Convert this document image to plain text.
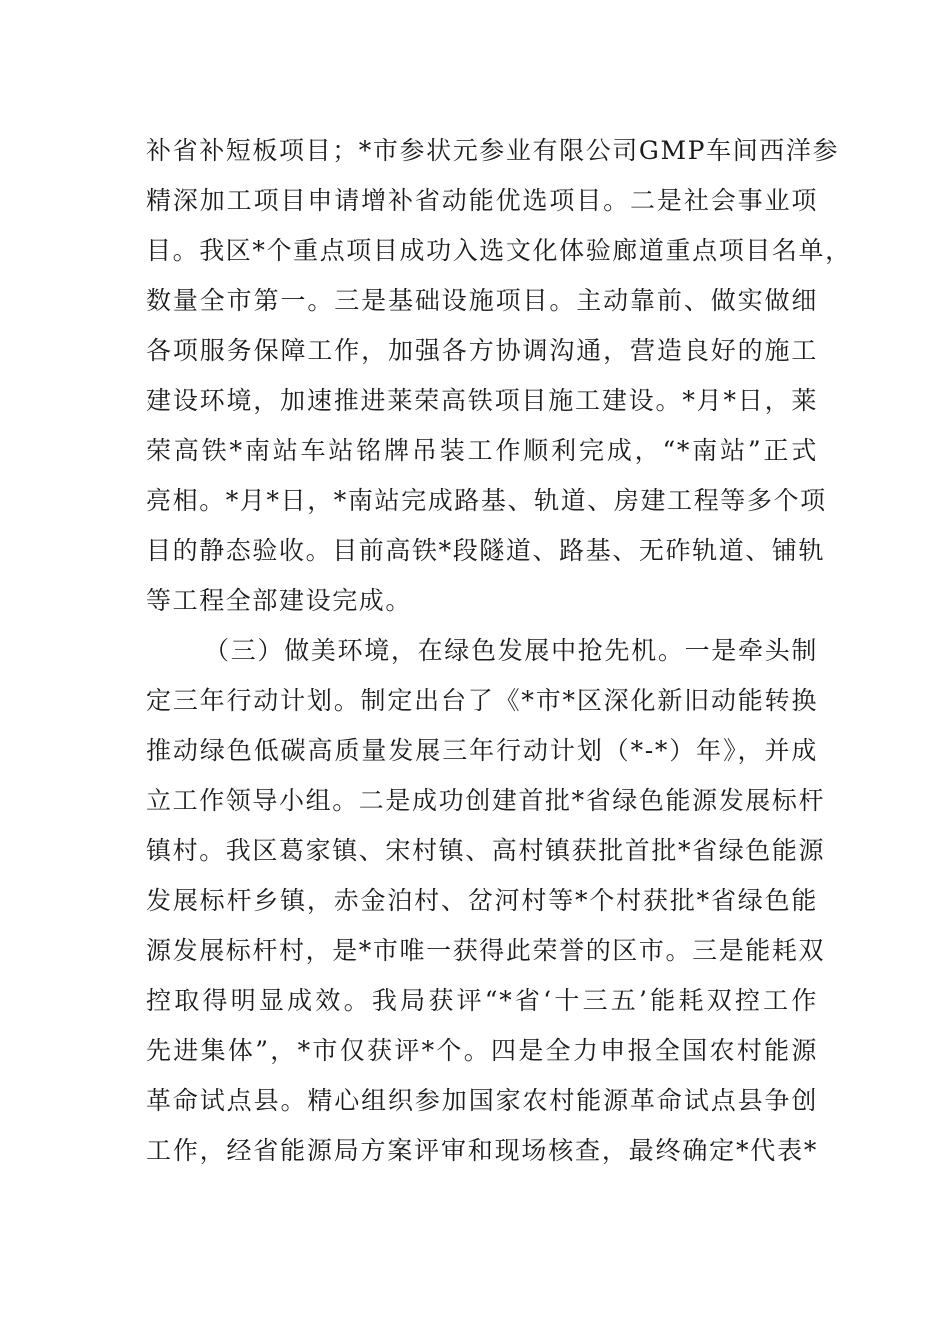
补省补短板项目；*市参状元参业有限公司GMP车间西洋参
精深加工项目申请增补省动能优选项目。二是社会事业项
目。我区*个重点项目成功入选文化体验廊道重点项目名单，
数量全市第一。三是基础设施项目。主动靠前、做实做细
各项服务保障工作，加强各方协调沟通，营造良好的施工
建设环境，加速推进莱荣高铁项目施工建设。*月*日，莱
荣高铁*南站车站铭牌吊装工作顺利完成，“*南站”正式
亮相。*月*日，*南站完成路基、轨道、房建工程等多个项
目的静态验收。目前高铁*段隧道、路基、无砟轨道、铺轨
等工程全部建设完成。
（三）做美环境，在绿色发展中抢先机。一是牵头制
定三年行动计划。制定出台了《*市*区深化新旧动能转换
推动绿色低碳高质量发展三年行动计划（*-*）年》，并成
立工作领导小组。二是成功创建首批*省绿色能源发展标杆
镇村。我区葛家镇、宋村镇、高村镇获批首批*省绿色能源
发展标杆乡镇，赤金泊村、岔河村等*个村获批*省绿色能
源发展标杆村，是*市唯一获得此荣誉的区市。三是能耗双
控取得明显成效。我局获评“*省‘十三五’能耗双控工作
先进集体”，*市仅获评*个。四是全力申报全国农村能源
革命试点县。精心组织参加国家农村能源革命试点县争创
工作，经省能源局方案评审和现场核查，最终确定*代表*
